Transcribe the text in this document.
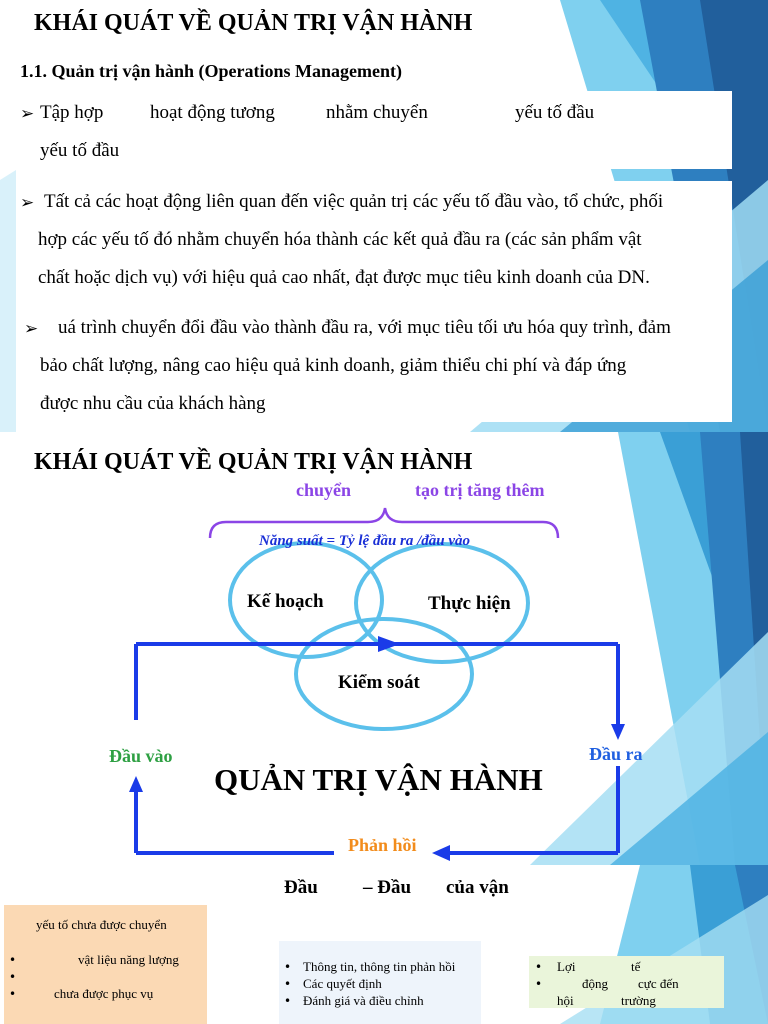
KHÁI QUÁT VỀ QUẢN TRỊ VẬN HÀNH
1.1. Quản trị vận hành (Operations Management)
➢ Tập hợp hoạt động tương	nhằm chuyển	yếu tố đầu
yếu tố đầu
➢ Tất cả các hoạt động liên quan đến việc quản trị các yếu tố đầu vào, tổ chức, phối
hợp các yếu tố đó nhằm chuyển hóa thành các kết quả đầu ra (các sản phẩm vật
chất hoặc dịch vụ) với hiệu quả cao nhất, đạt được mục tiêu kinh doanh của DN.
➢ uá trình chuyển đổi đầu vào thành đầu ra, với mục tiêu tối ưu hóa quy trình, đảm
bảo chất lượng, nâng cao hiệu quả kinh doanh, giảm thiểu chi phí và đáp ứng
được nhu cầu của khách hàng
KHÁI QUÁT VỀ QUẢN TRỊ VẬN HÀNH
chuyển	tạo trị tăng thêm
Năng suất = Tỷ lệ đầu ra /đầu vào
Kế hoạch	Thực hiện
Kiểm soát
Đầu vào	Đầu ra
QUẢN TRỊ VẬN HÀNH
Phản hồi
Đầu – Đầu của vận
yếu tố chưa được chuyển
•	vật liệu năng lượng
•
•	chưa được phục vụ
• Thông tin, thông tin phản hồi
• Các quyết định
• Đánh giá và điều chỉnh
• Lợi	tế
•	động cực đến
hội	trường
